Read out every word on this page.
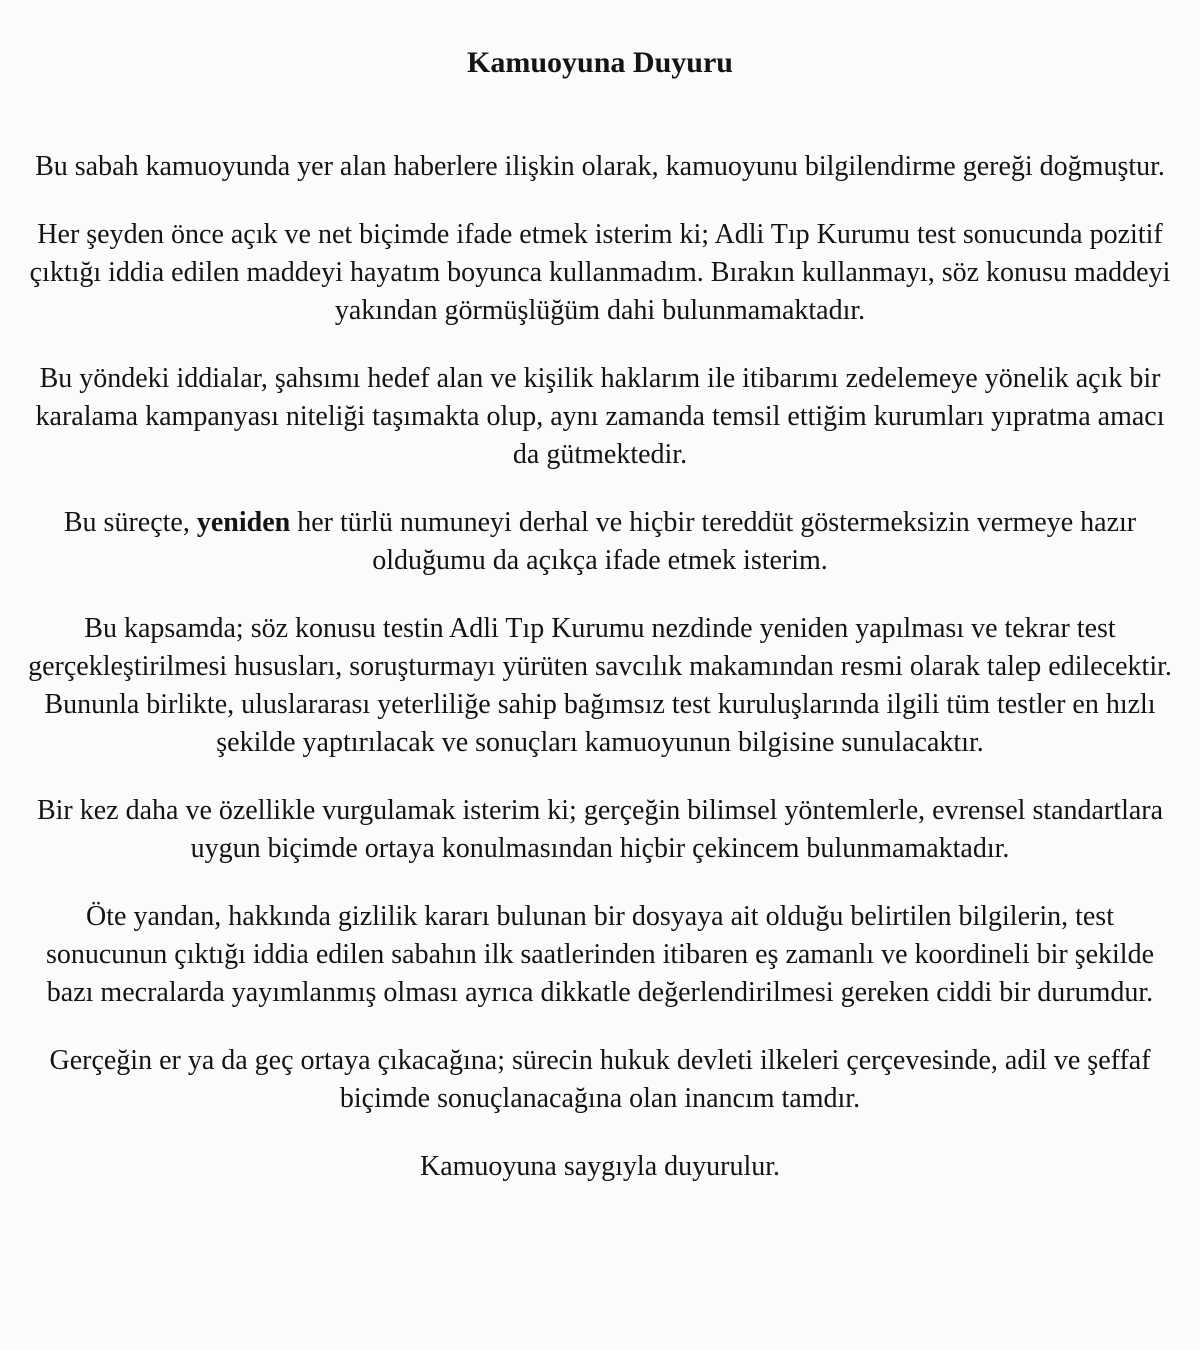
Kamuoyuna Duyuru

Bu sabah kamuoyunda yer alan haberlere ilişkin olarak, kamuoyunu bilgilendirme gereği doğmuştur.

Her şeyden önce açık ve net biçimde ifade etmek isterim ki; Adli Tıp Kurumu test sonucunda pozitif çıktığı iddia edilen maddeyi hayatım boyunca kullanmadım. Bırakın kullanmayı, söz konusu maddeyi yakından görmüşlüğüm dahi bulunmamaktadır.

Bu yöndeki iddialar, şahsımı hedef alan ve kişilik haklarım ile itibarımı zedelemeye yönelik açık bir karalama kampanyası niteliği taşımakta olup, aynı zamanda temsil ettiğim kurumları yıpratma amacı da gütmektedir.

Bu süreçte, yeniden her türlü numuneyi derhal ve hiçbir tereddüt göstermeksizin vermeye hazır olduğumu da açıkça ifade etmek isterim.

Bu kapsamda; söz konusu testin Adli Tıp Kurumu nezdinde yeniden yapılması ve tekrar test gerçekleştirilmesi hususları, soruşturmayı yürüten savcılık makamından resmi olarak talep edilecektir.

Bununla birlikte, uluslararası yeterliliğe sahip bağımsız test kuruluşlarında ilgili tüm testler en hızlı şekilde yaptırılacak ve sonuçları kamuoyunun bilgisine sunulacaktır.

Bir kez daha ve özellikle vurgulamak isterim ki; gerçeğin bilimsel yöntemlerle, evrensel standartlara uygun biçimde ortaya konulmasından hiçbir çekincem bulunmamaktadır.

Öte yandan, hakkında gizlilik kararı bulunan bir dosyaya ait olduğu belirtilen bilgilerin, test sonucunun çıktığı iddia edilen sabahın ilk saatlerinden itibaren eş zamanlı ve koordineli bir şekilde bazı mecralarda yayımlanmış olması ayrıca dikkatle değerlendirilmesi gereken ciddi bir durumdur.

Gerçeğin er ya da geç ortaya çıkacağına; sürecin hukuk devleti ilkeleri çerçevesinde, adil ve şeffaf biçimde sonuçlanacağına olan inancım tamdır.

Kamuoyuna saygıyla duyurulur.
